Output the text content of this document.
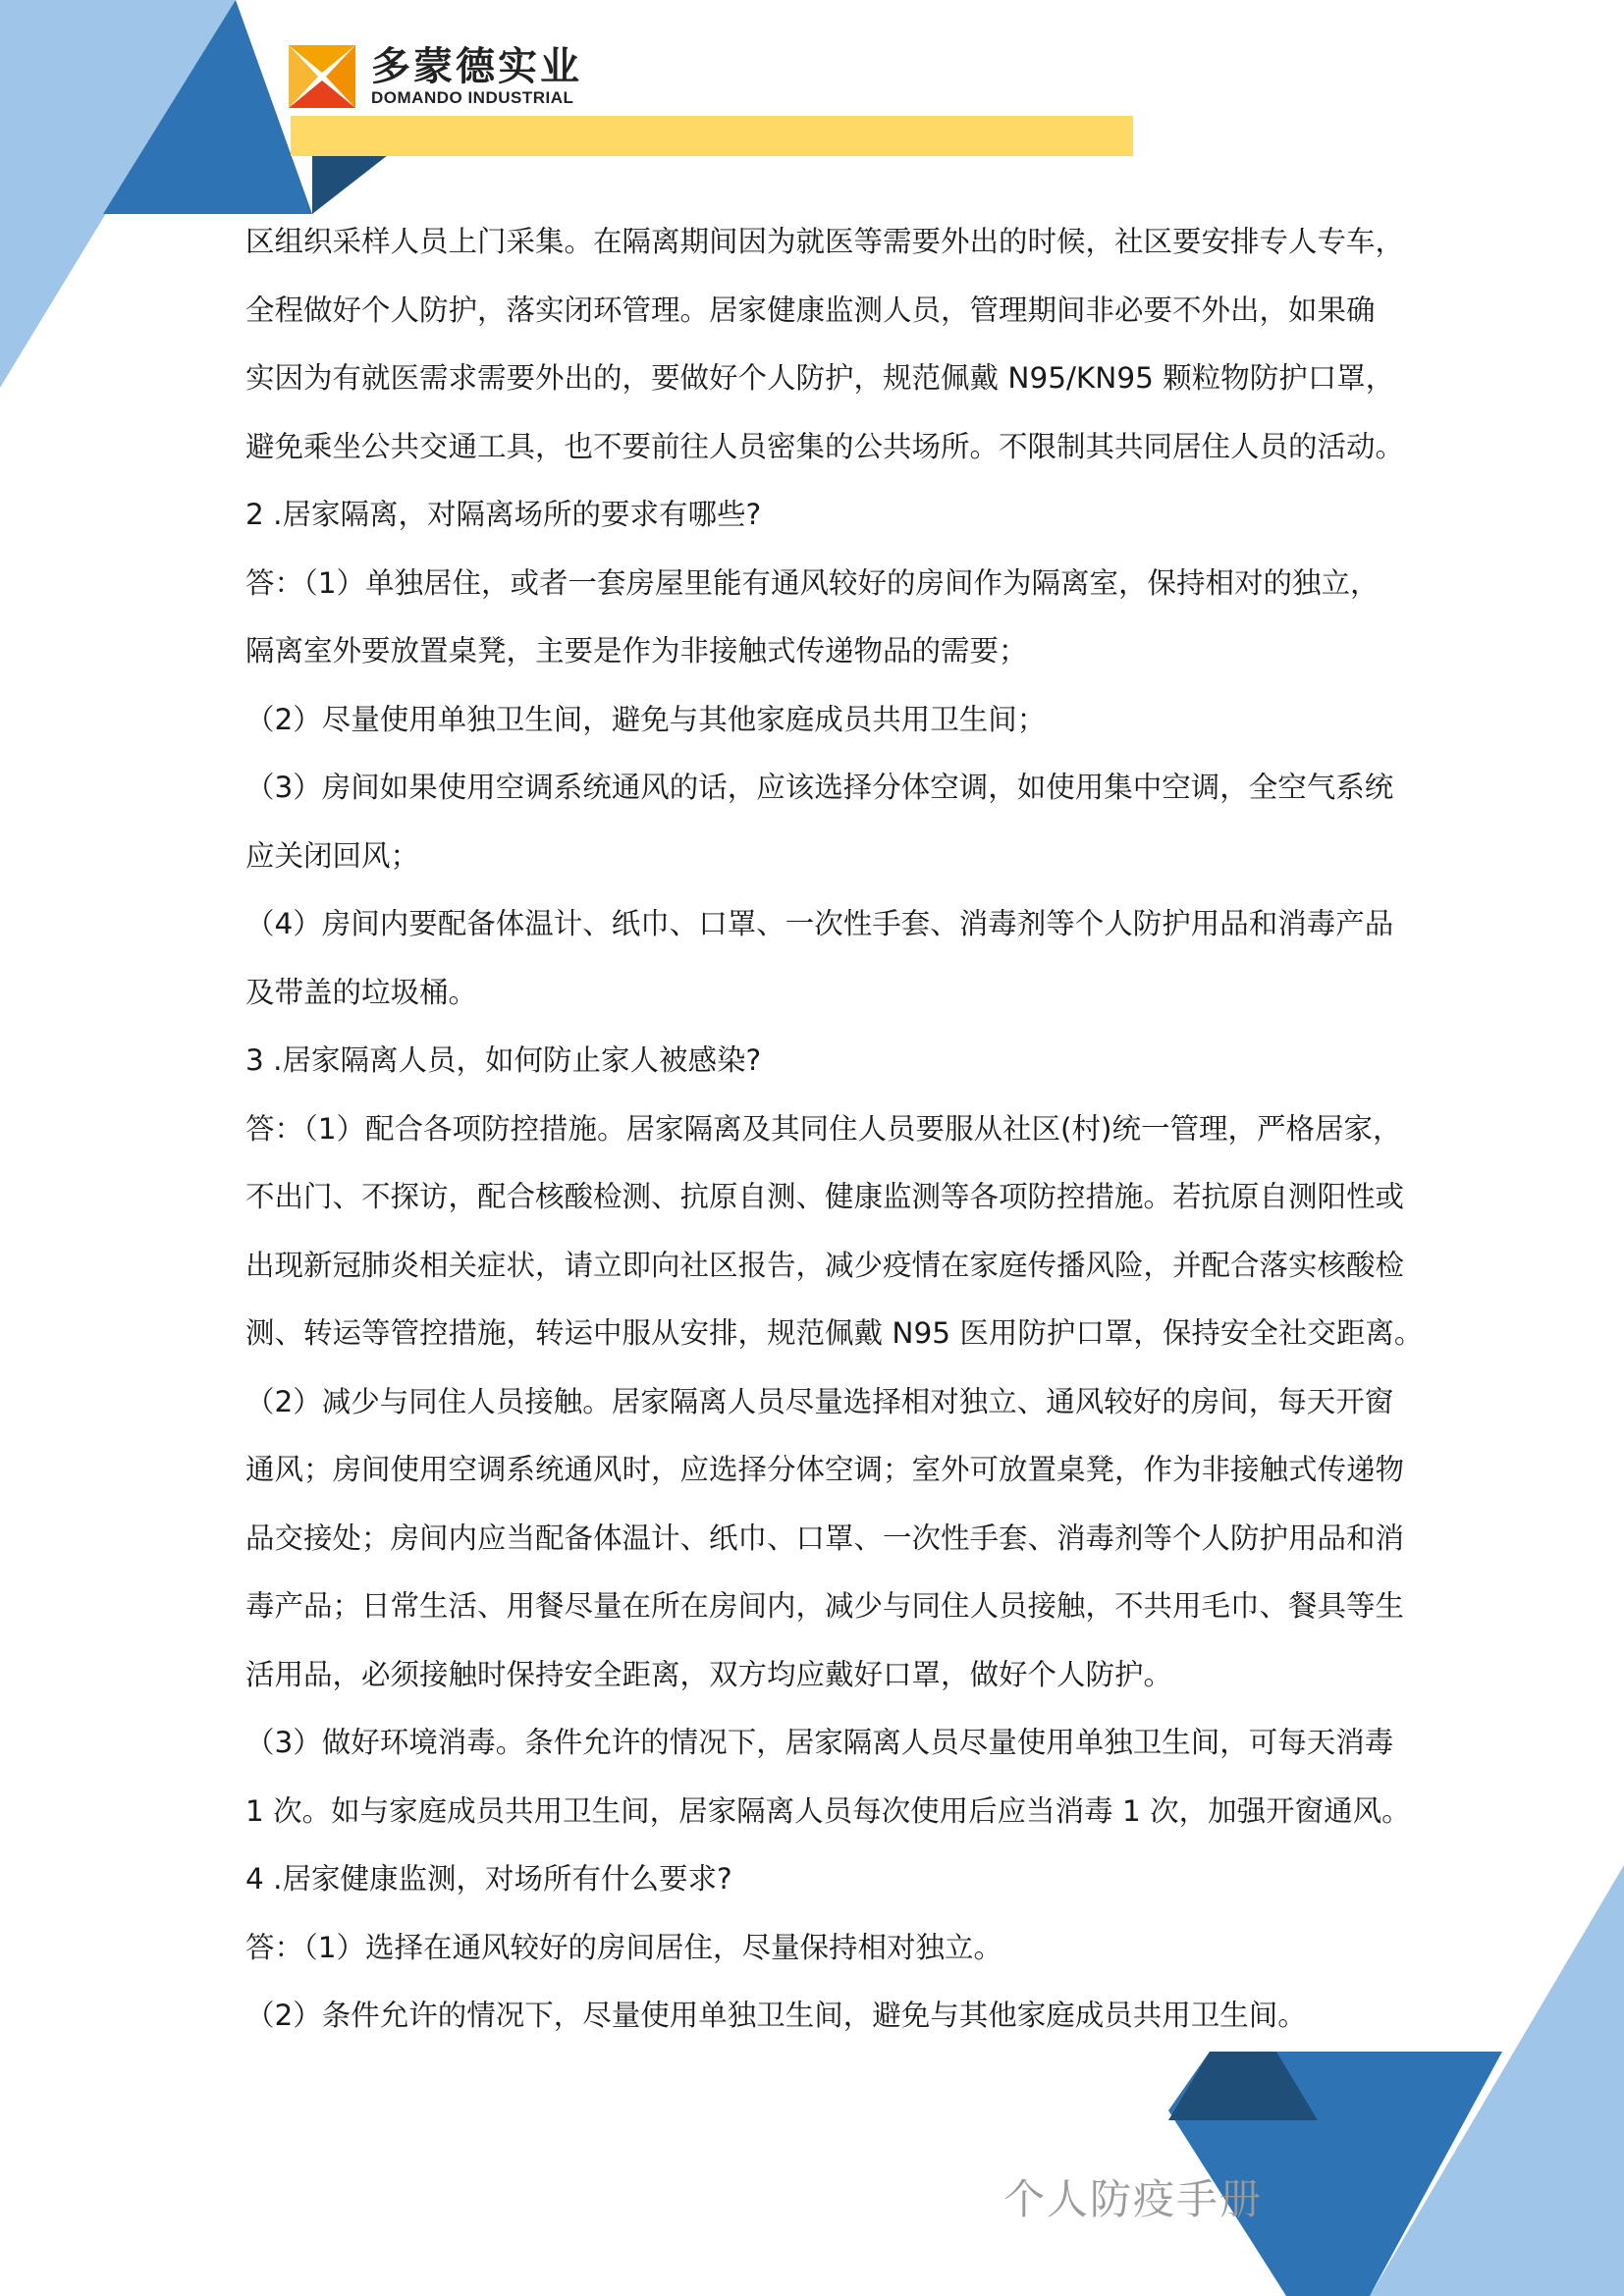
多蒙德实业
DOMANDO INDUSTRIAL
区组织采样人员上门采集。在隔离期间因为就医等需要外出的时候，社区要安排专人专车，
全程做好个人防护，落实闭环管理。居家健康监测人员，管理期间非必要不外出，如果确
实因为有就医需求需要外出的，要做好个人防护，规范佩戴 N95/KN95 颗粒物防护口罩，
避免乘坐公共交通工具，也不要前往人员密集的公共场所。不限制其共同居住人员的活动。
2 .居家隔离，对隔离场所的要求有哪些?
答：（1）单独居住，或者一套房屋里能有通风较好的房间作为隔离室，保持相对的独立，
隔离室外要放置桌凳，主要是作为非接触式传递物品的需要；
（2）尽量使用单独卫生间，避免与其他家庭成员共用卫生间；
（3）房间如果使用空调系统通风的话，应该选择分体空调，如使用集中空调，全空气系统
应关闭回风；
（4）房间内要配备体温计、纸巾、口罩、一次性手套、消毒剂等个人防护用品和消毒产品
及带盖的垃圾桶。
3 .居家隔离人员，如何防止家人被感染?
答：（1）配合各项防控措施。居家隔离及其同住人员要服从社区(村)统一管理，严格居家，
不出门、不探访，配合核酸检测、抗原自测、健康监测等各项防控措施。若抗原自测阳性或
出现新冠肺炎相关症状，请立即向社区报告，减少疫情在家庭传播风险，并配合落实核酸检
测、转运等管控措施，转运中服从安排，规范佩戴 N95 医用防护口罩，保持安全社交距离。
（2）减少与同住人员接触。居家隔离人员尽量选择相对独立、通风较好的房间，每天开窗
通风；房间使用空调系统通风时，应选择分体空调；室外可放置桌凳，作为非接触式传递物
品交接处；房间内应当配备体温计、纸巾、口罩、一次性手套、消毒剂等个人防护用品和消
毒产品；日常生活、用餐尽量在所在房间内，减少与同住人员接触，不共用毛巾、餐具等生
活用品，必须接触时保持安全距离，双方均应戴好口罩，做好个人防护。
（3）做好环境消毒。条件允许的情况下，居家隔离人员尽量使用单独卫生间，可每天消毒
1 次。如与家庭成员共用卫生间，居家隔离人员每次使用后应当消毒 1 次，加强开窗通风。
4 .居家健康监测，对场所有什么要求?
答：（1）选择在通风较好的房间居住，尽量保持相对独立。
（2）条件允许的情况下，尽量使用单独卫生间，避免与其他家庭成员共用卫生间。
个人防疫手册
